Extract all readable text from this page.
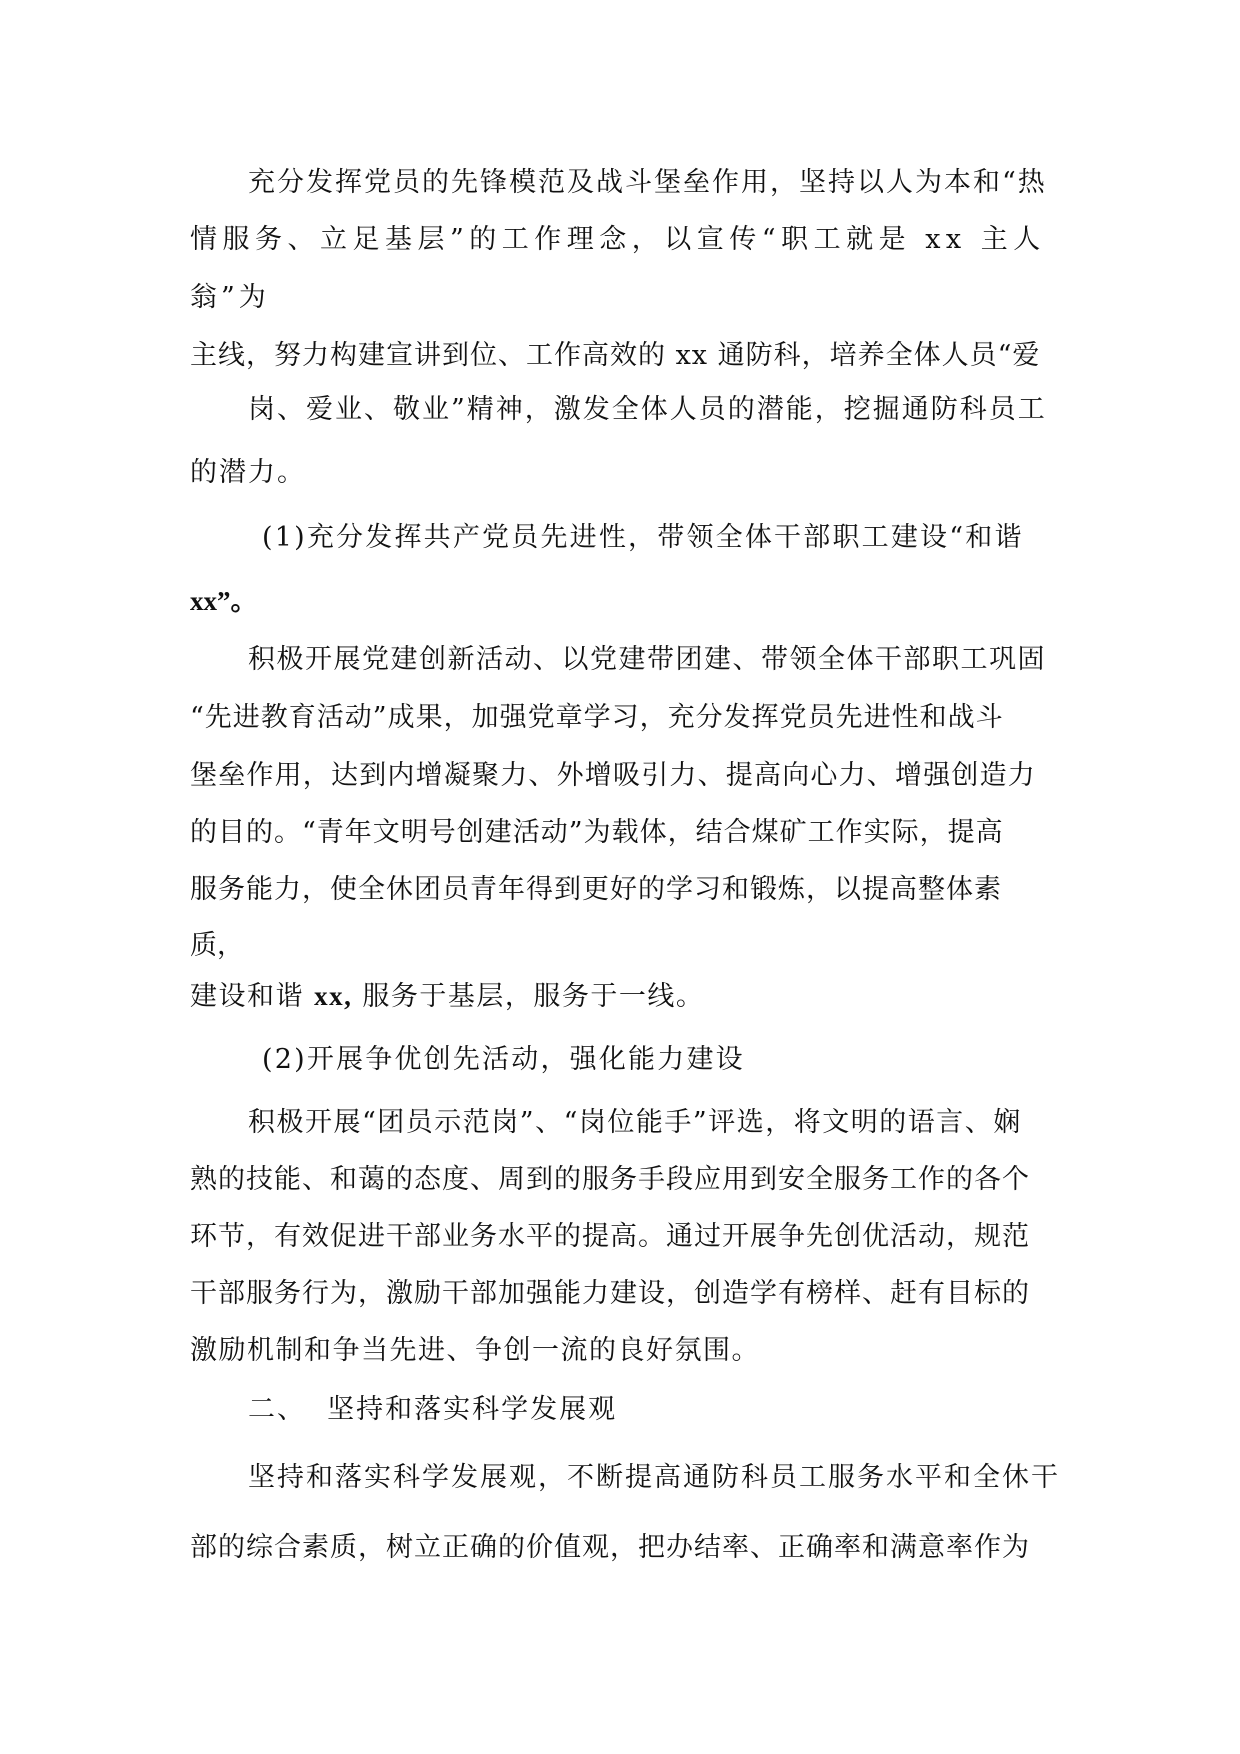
充分发挥党员的先锋模范及战斗堡垒作用，坚持以人为本和“热
情服务、立足基层”的工作理念，以宣传“职工就是 xx 主人
翁”为
主线，努力构建宣讲到位、工作高效的 xx 通防科，培养全体人员“爱
岗、爱业、敬业”精神，激发全体人员的潜能，挖掘通防科员工
的潜力。
(1)充分发挥共产党员先进性，带领全体干部职工建设“和谐
xx”。
积极开展党建创新活动、以党建带团建、带领全体干部职工巩固
“先进教育活动”成果，加强党章学习，充分发挥党员先进性和战斗
堡垒作用，达到内增凝聚力、外增吸引力、提高向心力、增强创造力
的目的。“青年文明号创建活动”为载体，结合煤矿工作实际，提高
服务能力，使全休团员青年得到更好的学习和锻炼，以提高整体素
质，
建设和谐 xx, 服务于基层，服务于一线。
(2)开展争优创先活动，强化能力建设
积极开展“团员示范岗”、“岗位能手”评选，将文明的语言、娴
熟的技能、和蔼的态度、周到的服务手段应用到安全服务工作的各个
环节，有效促进干部业务水平的提高。通过开展争先创优活动，规范
干部服务行为，激励干部加强能力建设，创造学有榜样、赶有目标的
激励机制和争当先进、争创一流的良好氛围。
二、  坚持和落实科学发展观
坚持和落实科学发展观，不断提高通防科员工服务水平和全休干
部的综合素质，树立正确的价值观，把办结率、正确率和满意率作为
